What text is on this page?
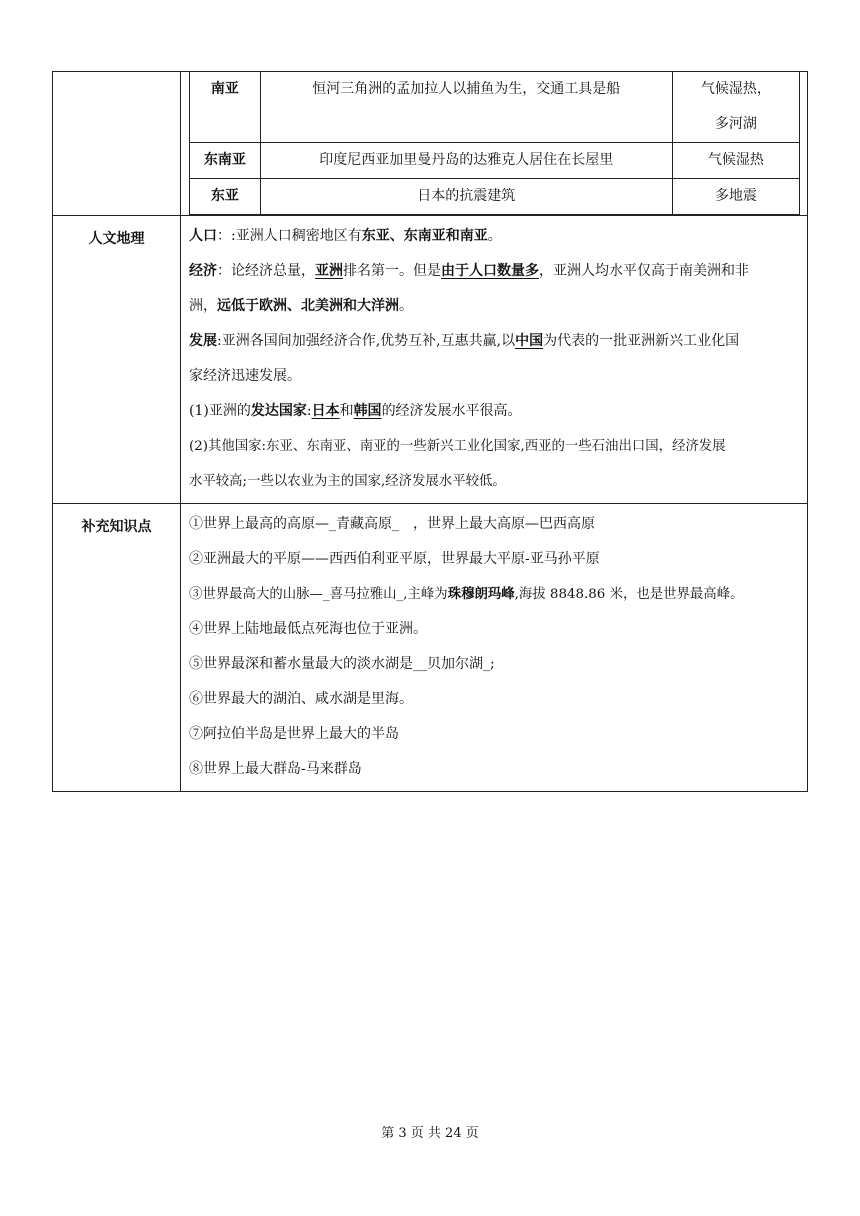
南亚	恒河三角洲的孟加拉人以捕鱼为生，交通工具是船	气候湿热，
多河湖

东南亚	印度尼西亚加里曼丹岛的达雅克人居住在长屋里	气候湿热
东亚	日本的抗震建筑	多地震

人文地理	人口：:亚洲人口稠密地区有东亚、东南亚和南亚。

经济：论经济总量，亚洲排名第一。但是由于人口数量多，亚洲人均水平仅高于南美洲和非
洲，远低于欧洲、北美洲和大洋洲。

发展:亚洲各国间加强经济合作,优势互补,互惠共赢,以中国为代表的一批亚洲新兴工业化国
家经济迅速发展。

(1)亚洲的发达国家:日本和韩国的经济发展水平很高。

(2)其他国家:东亚、东南亚、南亚的一些新兴工业化国家,西亚的一些石油出口国，经济发展
水平较高;一些以农业为主的国家,经济发展水平较低。

补充知识点	①世界上最高的高原—_青藏高原_　，世界上最大高原—巴西高原

②亚洲最大的平原——西西伯利亚平原，世界最大平原-亚马孙平原

③世界最高大的山脉—_喜马拉雅山_,主峰为珠穆朗玛峰,海拔 8848.86 米，也是世界最高峰。

④世界上陆地最低点死海也位于亚洲。

⑤世界最深和蓄水量最大的淡水湖是__贝加尔湖_;

⑥世界最大的湖泊、咸水湖是里海。

⑦阿拉伯半岛是世界上最大的半岛

⑧世界上最大群岛-马来群岛

第 3 页 共 24 页
